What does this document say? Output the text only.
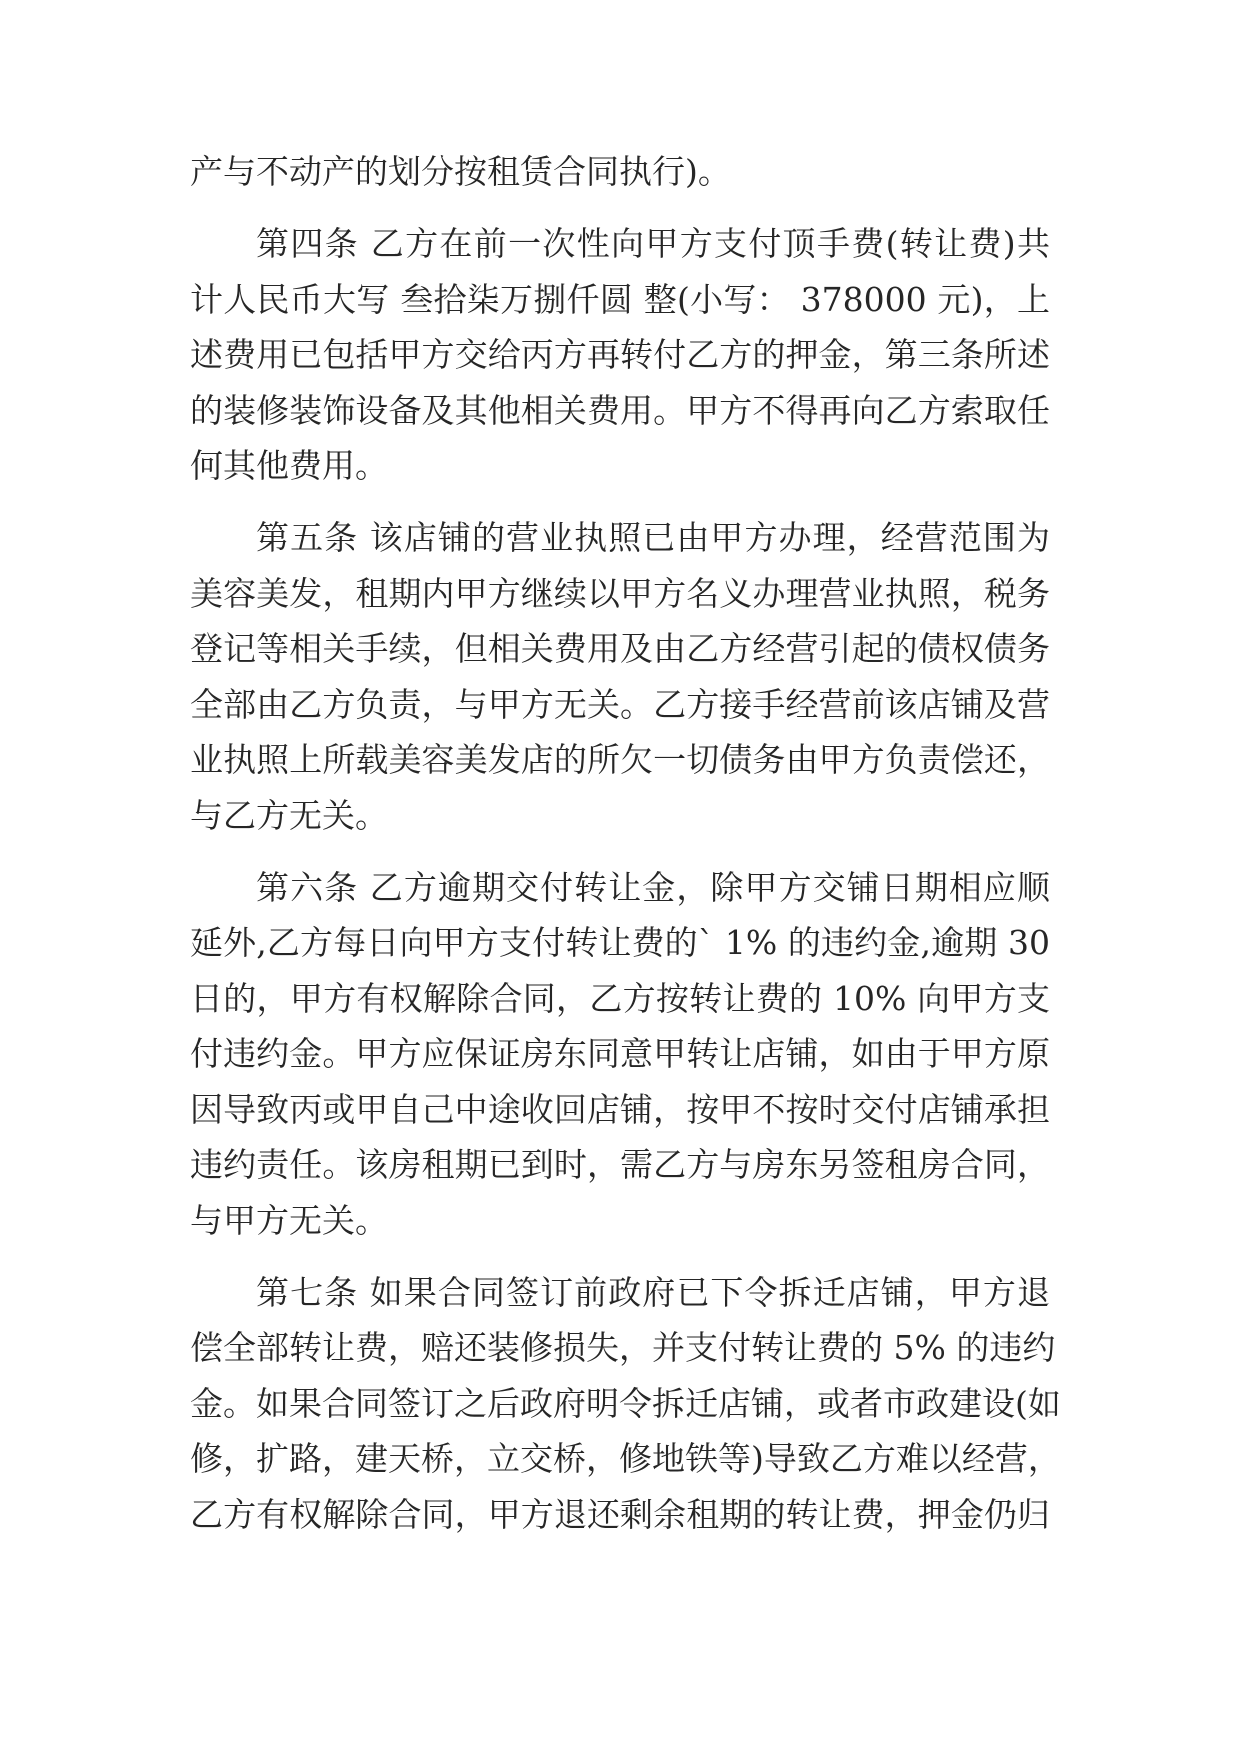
产与不动产的划分按租赁合同执行)。
第四条 乙方在前一次性向甲方支付顶手费(转让费)共
计人民币大写 叁拾柒万捌仟圆 整(小写： 378000 元)，上
述费用已包括甲方交给丙方再转付乙方的押金，第三条所述
的装修装饰设备及其他相关费用。甲方不得再向乙方索取任
何其他费用。
第五条 该店铺的营业执照已由甲方办理，经营范围为
美容美发，租期内甲方继续以甲方名义办理营业执照，税务
登记等相关手续，但相关费用及由乙方经营引起的债权债务
全部由乙方负责，与甲方无关。乙方接手经营前该店铺及营
业执照上所载美容美发店的所欠一切债务由甲方负责偿还，
与乙方无关。
第六条 乙方逾期交付转让金，除甲方交铺日期相应顺
延外,乙方每日向甲方支付转让费的` 1% 的违约金,逾期 30
日的，甲方有权解除合同，乙方按转让费的 10% 向甲方支
付违约金。甲方应保证房东同意甲转让店铺，如由于甲方原
因导致丙或甲自己中途收回店铺，按甲不按时交付店铺承担
违约责任。该房租期已到时，需乙方与房东另签租房合同，
与甲方无关。
第七条 如果合同签订前政府已下令拆迁店铺，甲方退
偿全部转让费，赔还装修损失，并支付转让费的 5% 的违约
金。如果合同签订之后政府明令拆迁店铺，或者市政建设(如
修，扩路，建天桥，立交桥，修地铁等)导致乙方难以经营，
乙方有权解除合同，甲方退还剩余租期的转让费，押金仍归
